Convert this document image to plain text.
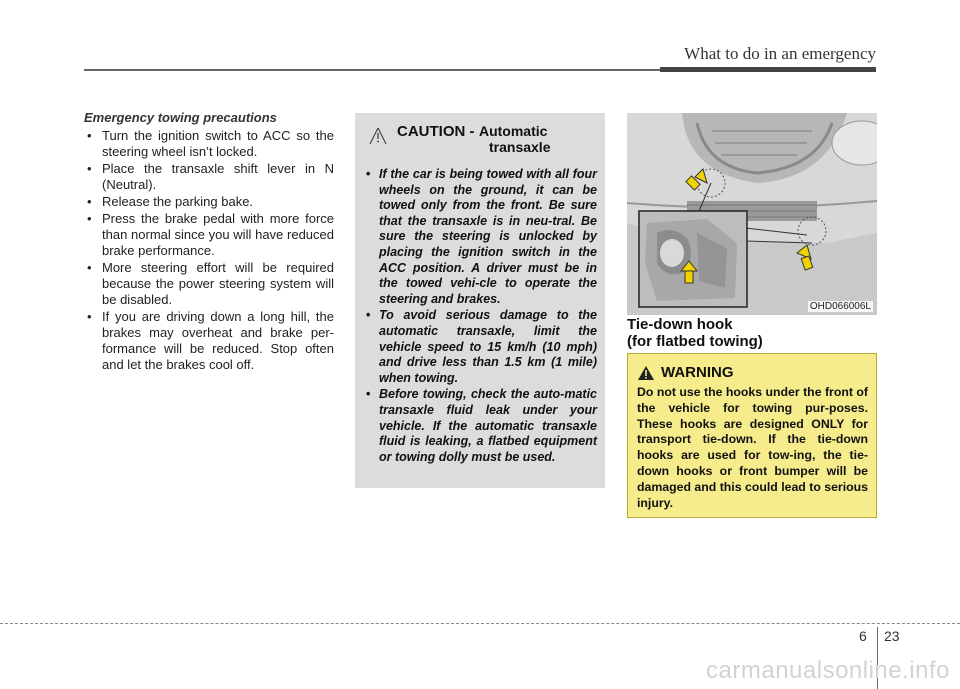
What to do in an emergency
Emergency towing precautions
• Turn the ignition switch to ACC so the steering wheel isn’t locked.
• Place the transaxle shift lever in N (Neutral).
• Release the parking bake.
• Press the brake pedal with more force than normal since you will have reduced brake performance.
• More steering effort will be required because the power steering system will be disabled.
• If you are driving down a long hill, the brakes may overheat and brake per-formance will be reduced. Stop often and let the brakes cool off.
CAUTION - Automatic
transaxle
• If the car is being towed with all four wheels on the ground, it can be towed only from the front. Be sure that the transaxle is in neu-tral. Be sure the steering is unlocked by placing the ignition switch in the ACC position. A driver must be in the towed vehi-cle to operate the steering and brakes.
• To avoid serious damage to the automatic transaxle, limit the vehicle speed to 15 km/h (10 mph) and drive less than 1.5 km (1 mile) when towing.
• Before towing, check the auto-matic transaxle fluid leak under your vehicle. If the automatic transaxle fluid is leaking, a flatbed equipment or towing dolly must be used.
OHD066006L
Tie-down hook
(for flatbed towing)
WARNING
Do not use the hooks under the front of the vehicle for towing pur-poses. These hooks are designed ONLY for transport tie-down. If the tie-down hooks are used for tow-ing, the tie-down hooks or front bumper will be damaged and this could lead to serious injury.
6 23
carmanualsonline.info
